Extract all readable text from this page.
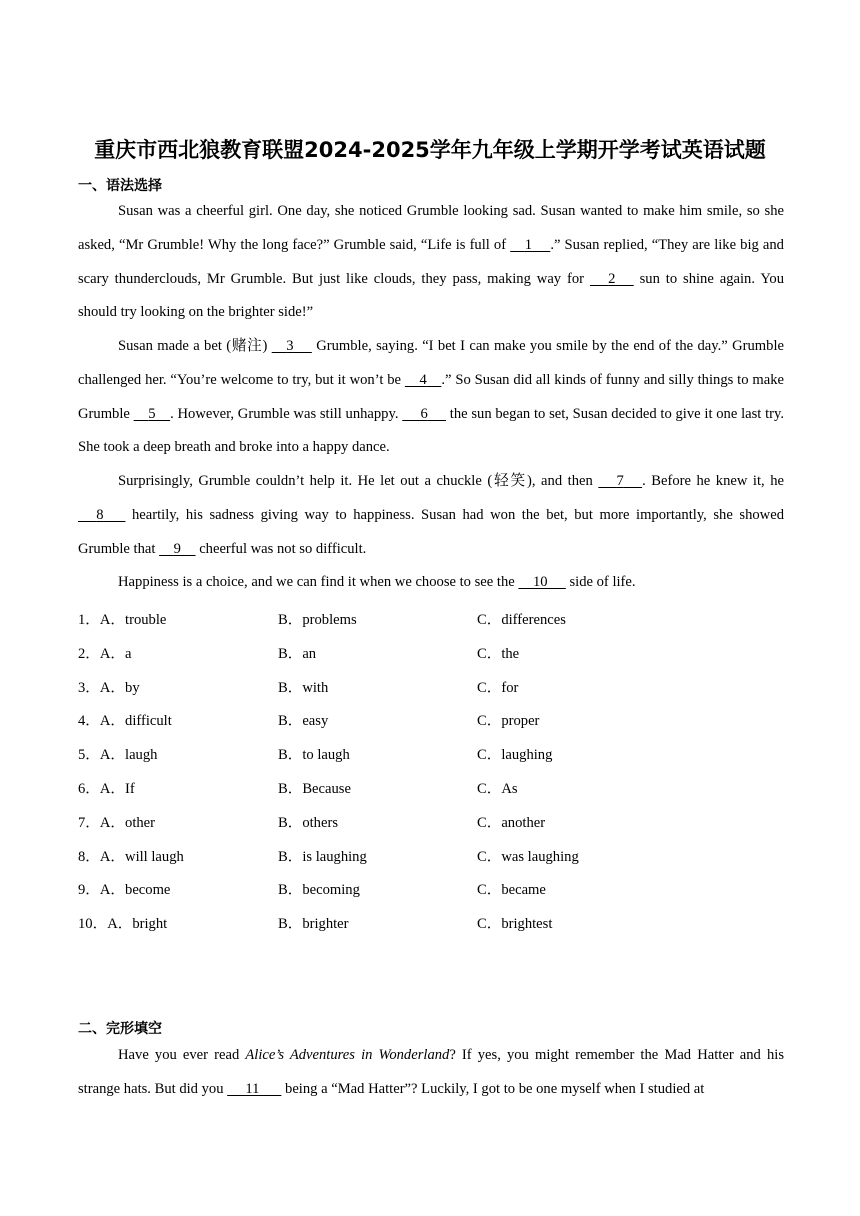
重庆市西北狼教育联盟2024-2025学年九年级上学期开学考试英语试题
一、语法选择

Susan was a cheerful girl. One day, she noticed Grumble looking sad. Susan wanted to make him smile, so she asked, “Mr Grumble! Why the long face?” Grumble said, “Life is full of     1 .” Susan replied, “They are like big and scary thunderclouds, Mr Grumble. But just like clouds, they pass, making way for      2      sun to shine again. You should try looking on the brighter side!”

Susan made a bet (赌注)     3      Grumble, saying. “I bet I can make you smile by the end of the day.” Grumble challenged her. “You’re welcome to try, but it won’t be     4 .” So Susan did all kinds of funny and silly things to make Grumble     5 . However, Grumble was still unhappy.      6      the sun began to set, Susan decided to give it one last try. She took a deep breath and broke into a happy dance.

Surprisingly, Grumble couldn’t help it. He let out a chuckle (轻笑), and then      7 . Before he knew it, he      8       heartily, his sadness giving way to happiness. Susan had won the bet, but more importantly, she showed Grumble that     9     cheerful was not so difficult.

Happiness is a choice, and we can find it when we choose to see the     10      side of life.

1．A．trouble	B．problems	C．differences
2．A．a	B．an	C．the
3．A．by	B．with	C．for
4．A．difficult	B．easy	C．proper
5．A．laugh	B．to laugh	C．laughing
6．A．If	B．Because	C．As
7．A．other	B．others	C．another
8．A．will laugh	B．is laughing	C．was laughing
9．A．become	B．becoming	C．became
10．A．bright	B．brighter	C．brightest
二、完形填空

Have you ever read Alice’s Adventures in Wonderland? If yes, you might remember the Mad Hatter and his strange hats. But did you      11       being a “Mad Hatter”? Luckily, I got to be one myself when I studied at
